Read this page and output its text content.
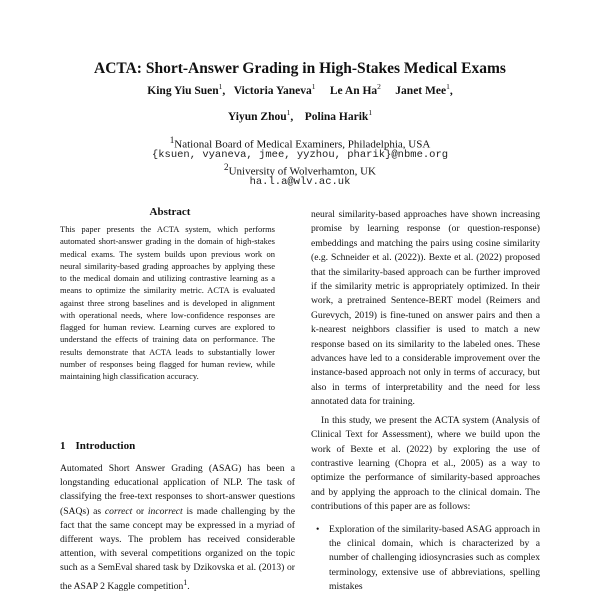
ACTA: Short-Answer Grading in High-Stakes Medical Exams
King Yiu Suen$^1$, Victoria Yaneva$^1$ Le An Ha$^2$ Janet Mee$^1$,
Yiyun Zhou$^1$, Polina Harik$^1$
$^1$National Board of Medical Examiners, Philadelphia, USA
{ksuen, vyaneva, jmee, yyzhou, pharik}@nbme.org
$^2$University of Wolverhamton, UK
ha.l.a@wlv.ac.uk
Abstract
This paper presents the ACTA system, which performs automated short-answer grading in the domain of high-stakes medical exams. The system builds upon previous work on neural similarity-based grading approaches by applying these to the medical domain and utilizing contrastive learning as a means to optimize the similarity metric. ACTA is evaluated against three strong baselines and is developed in alignment with operational needs, where low-confidence responses are flagged for human review. Learning curves are explored to understand the effects of training data on performance. The results demonstrate that ACTA leads to substantially lower number of responses being flagged for human review, while maintaining high classification accuracy.
1 Introduction
Automated Short Answer Grading (ASAG) has been a longstanding educational application of NLP. The task of classifying the free-text responses to short-answer questions (SAQs) as correct or incorrect is made challenging by the fact that the same concept may be expressed in a myriad of different ways. The problem has received considerable attention, with several competitions organized on the topic such as a SemEval shared task by Dzikovska et al. (2013) or the ASAP 2 Kaggle competition$^1$.

neural similarity-based approaches have shown increasing promise by learning response (or question-response) embeddings and matching the pairs using cosine similarity (e.g. Schneider et al. (2022)). Bexte et al. (2022) proposed that the similarity-based approach can be further improved if the similarity metric is appropriately optimized. In their work, a pretrained Sentence-BERT model (Reimers and Gurevych, 2019) is fine-tuned on answer pairs and then a k-nearest neighbors classifier is used to match a new response based on its similarity to the labeled ones. These advances have led to a considerable improvement over the instance-based approach not only in terms of accuracy, but also in terms of interpretability and the need for less annotated data for training.

In this study, we present the ACTA system (Analysis of Clinical Text for Assessment), where we build upon the work of Bexte et al. (2022) by exploring the use of contrastive learning (Chopra et al., 2005) as a way to optimize the performance of similarity-based approaches and by applying the approach to the clinical domain. The contributions of this paper are as follows:

• Exploration of the similarity-based ASAG approach in the clinical domain, which is characterized by a number of challenging idiosyncrasies such as complex terminology, extensive use of abbreviations, spelling mistakes
